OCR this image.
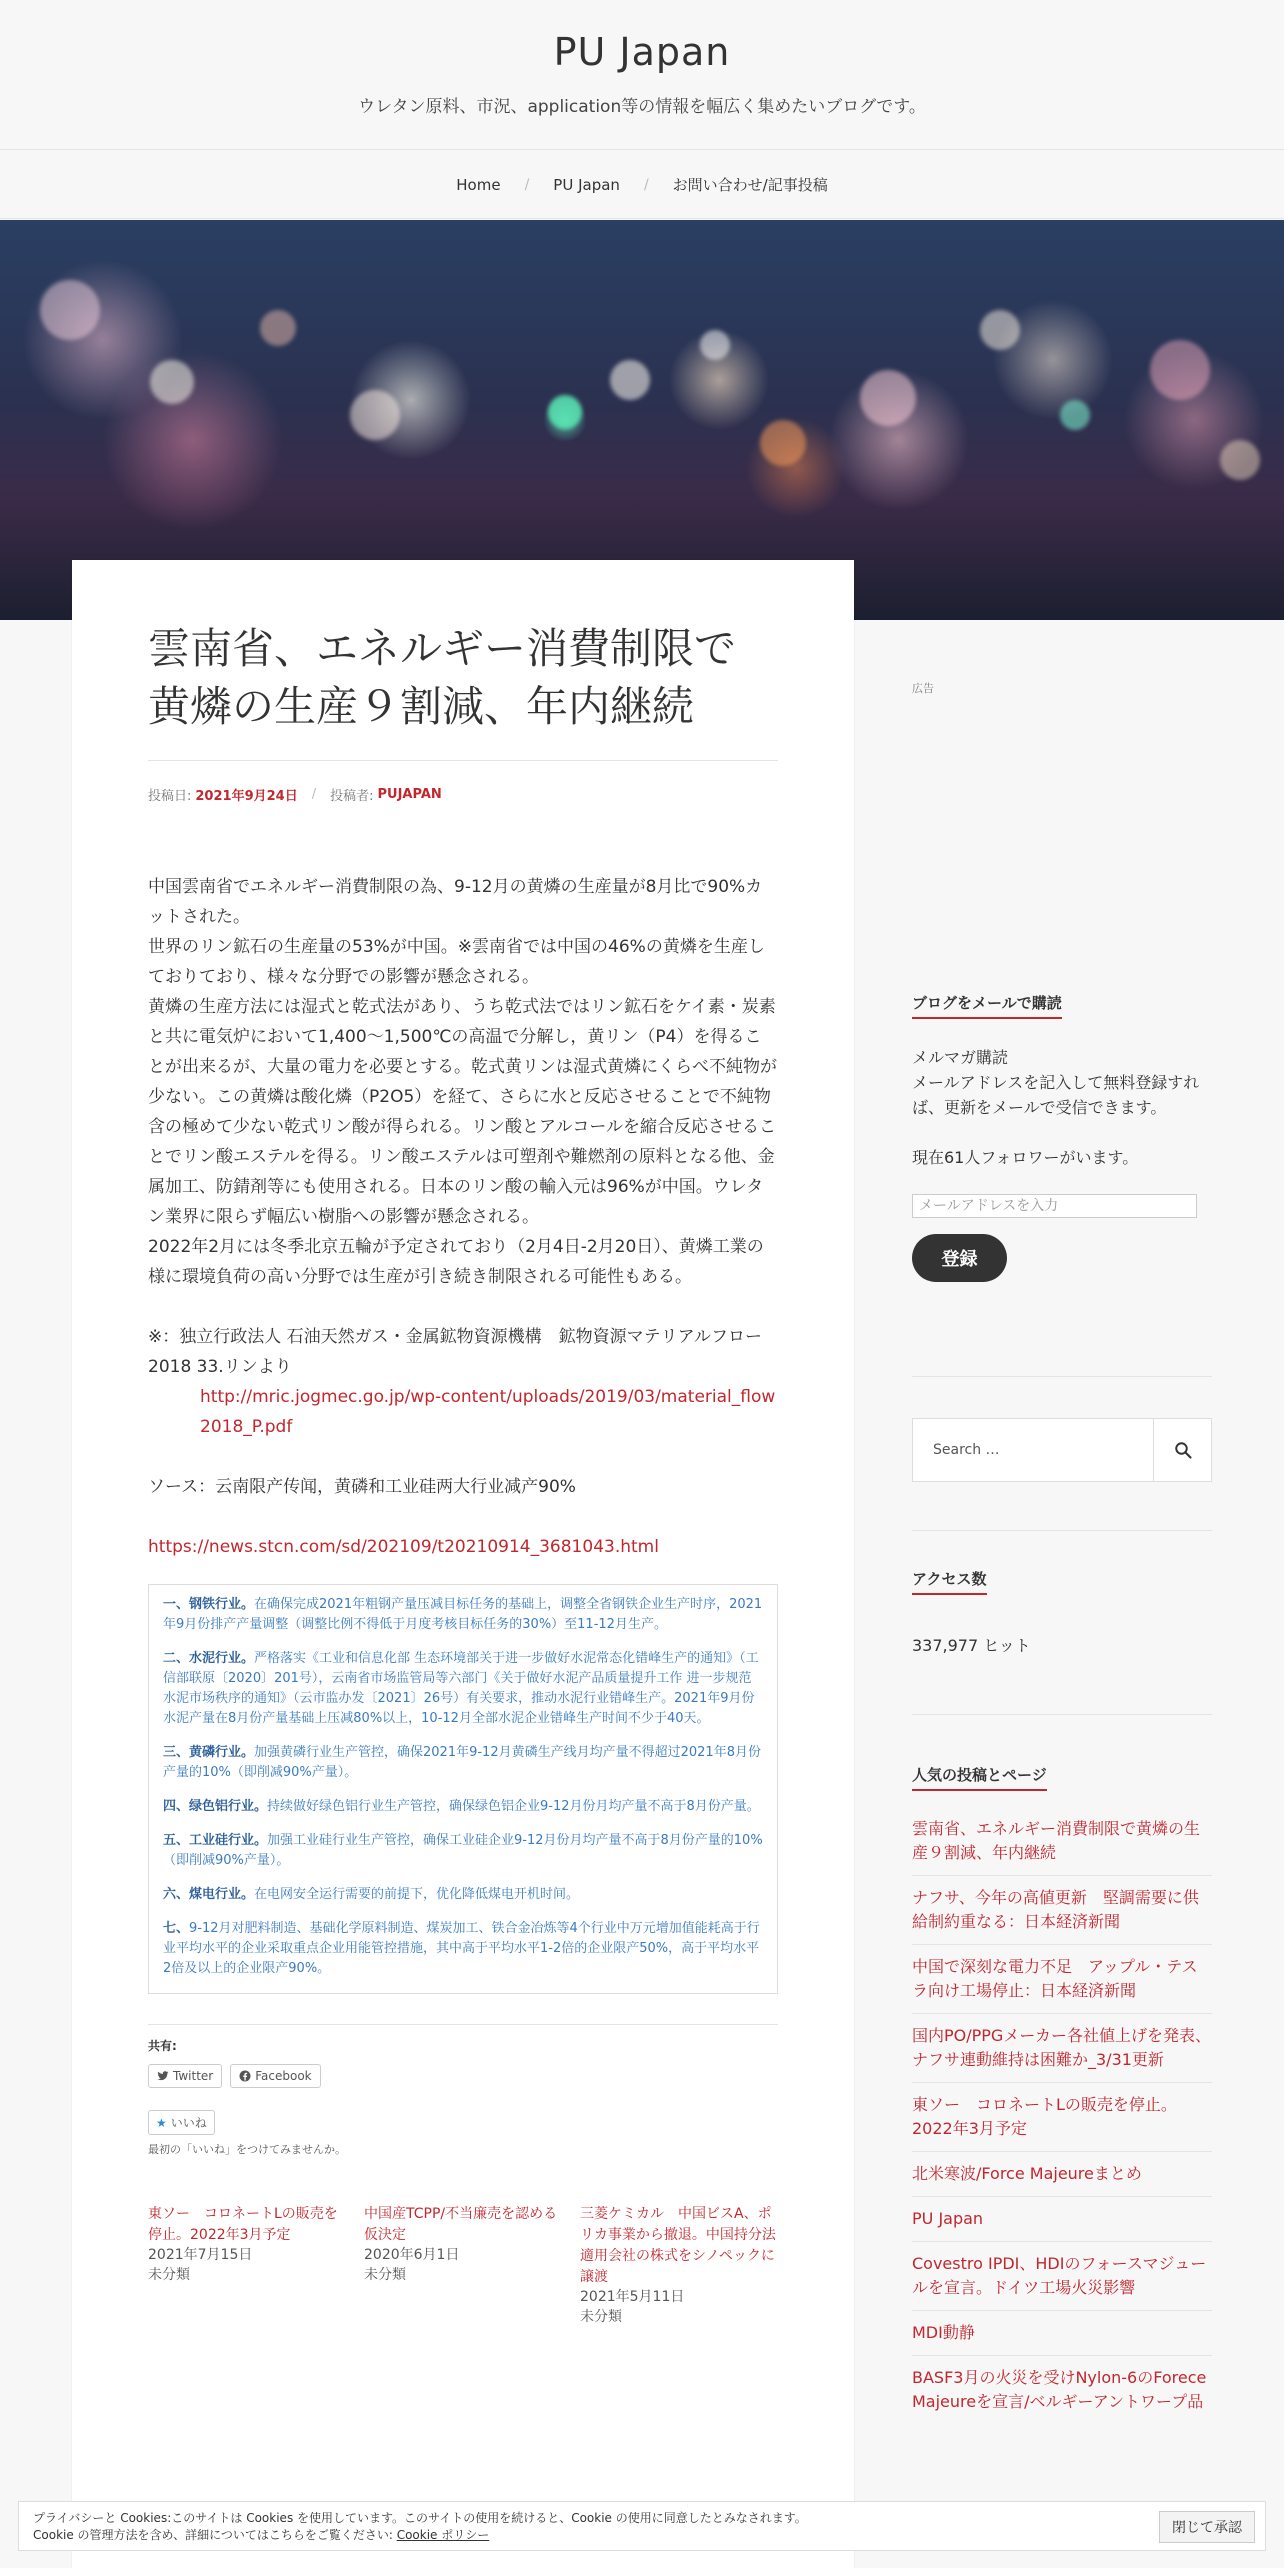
PU Japan
ウレタン原料、市況、application等の情報を幅広く集めたいブログです。
Home	/	PU Japan	/	お問い合わせ/記事投稿
雲南省、エネルギー消費制限で
黄燐の生産９割減、年内継続
投稿日: 2021年9月24日 / 投稿者: PUJAPAN

中国雲南省でエネルギー消費制限の為、9-12月の黄燐の生産量が8月比で90%カットされた。

世界のリン鉱石の生産量の53%が中国。※雲南省では中国の46%の黄燐を生産しておりており、様々な分野での影響が懸念される。

黄燐の生産方法には湿式と乾式法があり、うち乾式法ではリン鉱石をケイ素・炭素と共に電気炉において1,400〜1,500℃の高温で分解し，黄リン（P4）を得ることが出来るが、大量の電力を必要とする。乾式黄リンは湿式黄燐にくらべ不純物が少ない。この黄燐は酸化燐（P2O5）を経て、さらに水と反応させることで不純物含の極めて少ない乾式リン酸が得られる。リン酸とアルコールを縮合反応させることでリン酸エステルを得る。リン酸エステルは可塑剤や難燃剤の原料となる他、金属加工、防錆剤等にも使用される。日本のリン酸の輸入元は96%が中国。ウレタン業界に限らず幅広い樹脂への影響が懸念される。

2022年2月には冬季北京五輪が予定されており（2月4日-2月20日）、黄燐工業の様に環境負荷の高い分野では生産が引き続き制限される可能性もある。

※：独立行政法人 石油天然ガス・金属鉱物資源機構　鉱物資源マテリアルフロー 2018 33.リンより

http://mric.jogmec.go.jp/wp-content/uploads/2019/03/material_flow2018_P.pdf

ソース：云南限产传闻，黄磷和工业硅两大行业减产90%

https://news.stcn.com/sd/202109/t20210914_3681043.html

一、钢铁行业。在确保完成2021年粗钢产量压减目标任务的基础上，调整全省钢铁企业生产时序，2021年9月份排产产量调整（调整比例不得低于月度考核目标任务的30%）至11-12月生产。

二、水泥行业。严格落实《工业和信息化部 生态环境部关于进一步做好水泥常态化错峰生产的通知》（工信部联原〔2020〕201号），云南省市场监管局等六部门《关于做好水泥产品质量提升工作 进一步规范水泥市场秩序的通知》（云市监办发〔2021〕26号）有关要求，推动水泥行业错峰生产。2021年9月份水泥产量在8月份产量基础上压减80%以上，10-12月全部水泥企业错峰生产时间不少于40天。

三、黄磷行业。加强黄磷行业生产管控，确保2021年9-12月黄磷生产线月均产量不得超过2021年8月份产量的10%（即削减90%产量）。

四、绿色铝行业。持续做好绿色铝行业生产管控，确保绿色铝企业9-12月份月均产量不高于8月份产量。

五、工业硅行业。加强工业硅行业生产管控，确保工业硅企业9-12月份月均产量不高于8月份产量的10%（即削减90%产量）。

六、煤电行业。在电网安全运行需要的前提下，优化降低煤电开机时间。

七、9-12月对肥料制造、基础化学原料制造、煤炭加工、铁合金冶炼等4个行业中万元增加值能耗高于行业平均水平的企业采取重点企业用能管控措施，其中高于平均水平1-2倍的企业限产50%，高于平均水平2倍及以上的企业限产90%。

共有:
Twitter	Facebook
★ いいね
最初の「いいね」をつけてみませんか。
東ソー　コロネートLの販売を停止。2022年3月予定
2021年7月15日
未分類
中国産TCPP/不当廉売を認める仮決定
2020年6月1日
未分類
三菱ケミカル　中国ビスA、ポリカ事業から撤退。中国持分法適用会社の株式をシノペックに譲渡
2021年5月11日
未分類
広告
ブログをメールで購読
メルマガ購読
メールアドレスを記入して無料登録すれば、更新をメールで受信できます。
現在61人フォロワーがいます。
メールアドレスを入力
登録
Search …
アクセス数
337,977 ヒット
人気の投稿とページ
雲南省、エネルギー消費制限で黄燐の生産９割減、年内継続
ナフサ、今年の高値更新　堅調需要に供給制約重なる：日本経済新聞
中国で深刻な電力不足　アップル・テスラ向け工場停止：日本経済新聞
国内PO/PPGメーカー各社値上げを発表、ナフサ連動維持は困難か_3/31更新
東ソー　コロネートLの販売を停止。2022年3月予定
北米寒波/Force Majeureまとめ
PU Japan
Covestro IPDI、HDIのフォースマジュールを宣言。ドイツ工場火災影響
MDI動静
BASF3月の火災を受けNylon-6のForece Majeureを宣言/ベルギーアントワープ品
プライバシーと Cookies:このサイトは Cookies を使用しています。このサイトの使用を続けると、Cookie の使用に同意したとみなされます。
Cookie の管理方法を含め、詳細についてはこちらをご覧ください: Cookie ポリシー	閉じて承認
